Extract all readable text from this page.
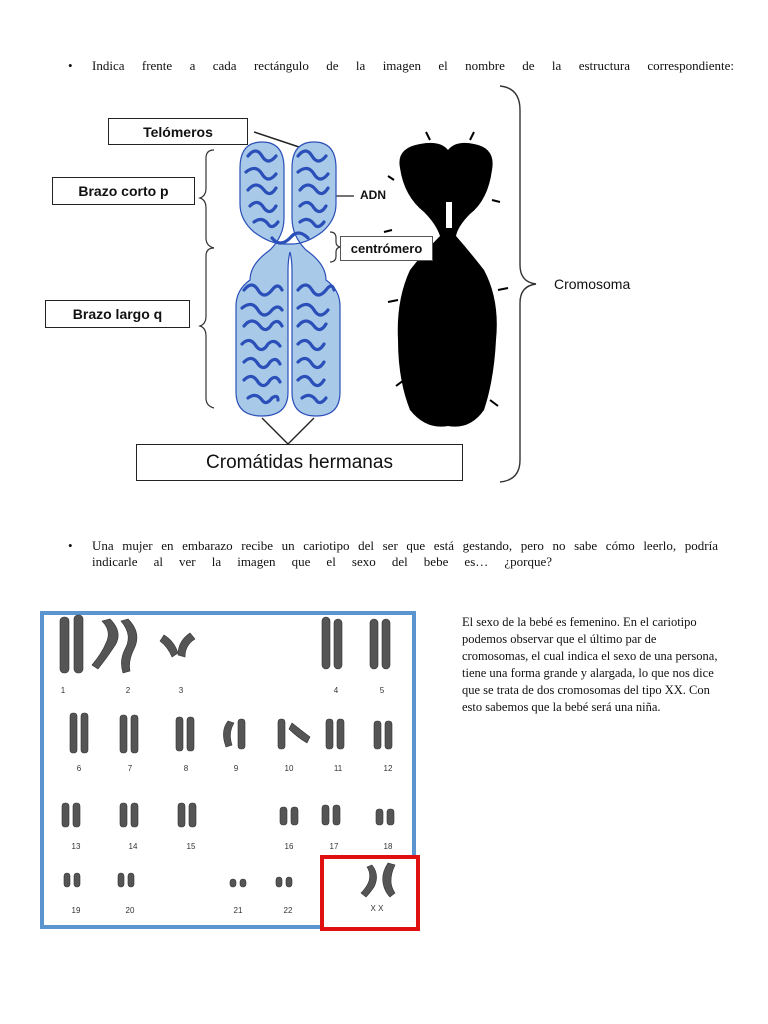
• Indica frente a cada rectángulo de la imagen el nombre de la estructura correspondiente:
Telómeros
Brazo corto p
Brazo largo q
ADN
centrómero
Cromosoma
Cromátidas hermanas
• Una mujer en embarazo recibe un cariotipo del ser que está gestando, pero no sabe cómo leerlo, podría
indicarle al ver la imagen que el sexo del bebe es… ¿porque?
1	2	3	4	5
6	7	8	9	10	11	12
13	14	15	16	17	18
19	20	21	22	X X
El sexo de la bebé es femenino. En el cariotipo podemos observar que el último par de cromosomas, el cual indica el sexo de una persona, tiene una forma grande y alargada, lo que nos dice que se trata de dos cromosomas del tipo XX. Con esto sabemos que la bebé será una niña.
